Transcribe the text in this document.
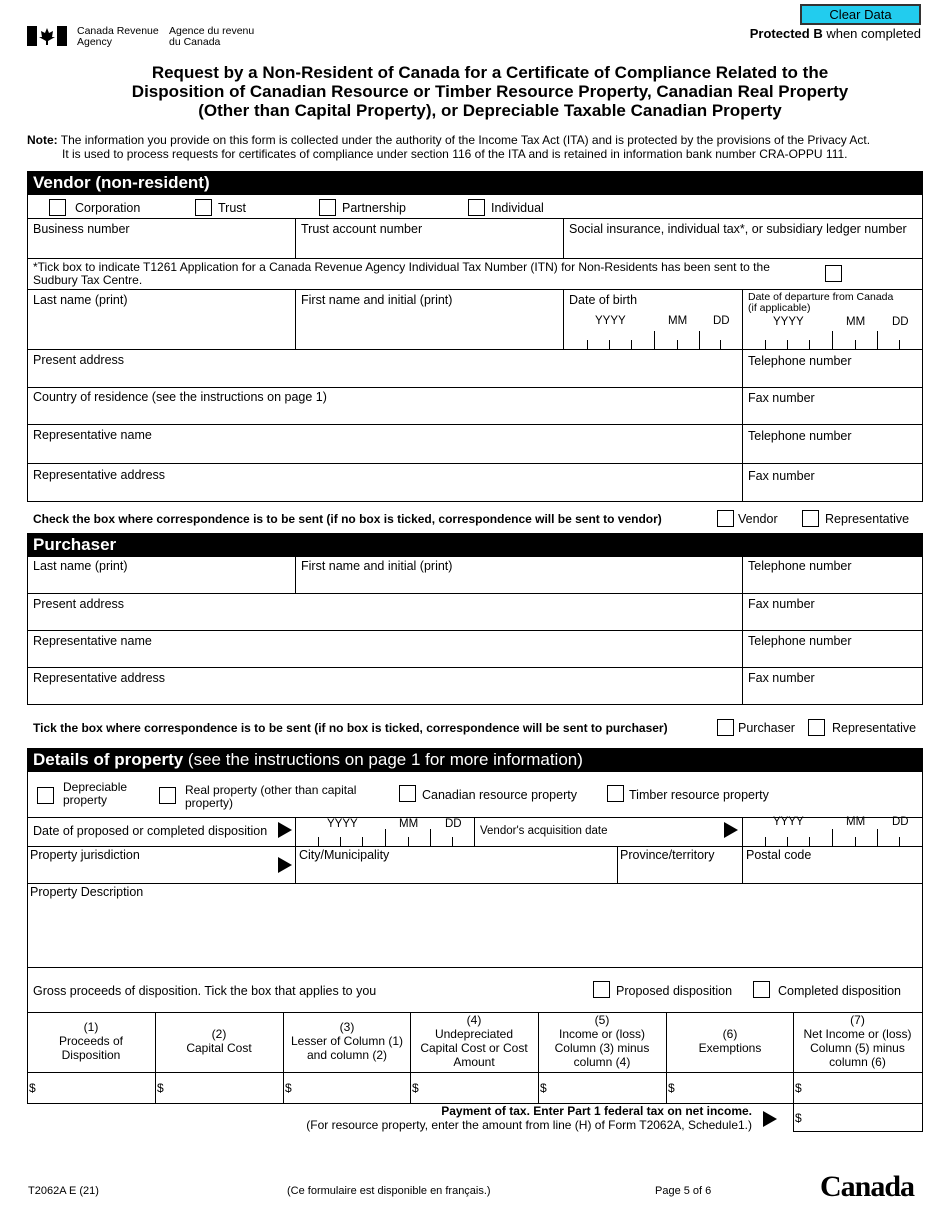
Canada Revenue
Agency
Agence du revenu
du Canada
Clear Data
Protected B when completed
Request by a Non-Resident of Canada for a Certificate of Compliance Related to the Disposition of Canadian Resource or Timber Resource Property, Canadian Real Property (Other than Capital Property), or Depreciable Taxable Canadian Property
Note: The information you provide on this form is collected under the authority of the Income Tax Act (ITA) and is protected by the provisions of the Privacy Act.
It is used to process requests for certificates of compliance under section 116 of the ITA and is retained in information bank number CRA-OPPU 111.
Vendor (non-resident)
Corporation	Trust	Partnership	Individual
Business number	Trust account number	Social insurance, individual tax*, or subsidiary ledger number
*Tick box to indicate T1261 Application for a Canada Revenue Agency Individual Tax Number (ITN) for Non-Residents has been sent to the Sudbury Tax Centre.
Last name (print)	First name and initial (print)	Date of birth
YYYY	MM DD
Date of departure from Canada
(if applicable)
YYYY	MM DD
Present address	Telephone number
Country of residence (see the instructions on page 1)	Fax number
Representative name	Telephone number
Representative address	Fax number
Check the box where correspondence is to be sent (if no box is ticked, correspondence will be sent to vendor)	Vendor	Representative
Purchaser
Last name (print)	First name and initial (print)	Telephone number
Present address	Fax number
Representative name	Telephone number
Representative address	Fax number
Tick the box where correspondence is to be sent (if no box is ticked, correspondence will be sent to purchaser)	Purchaser	Representative
Details of property (see the instructions on page 1 for more information)
Depreciable
property
Real property (other than capital
property)
Canadian resource property	Timber resource property
Date of proposed or completed disposition	YYYY	MM DD
Vendor's acquisition date
YYYY	MM DD
Property jurisdiction	City/Municipality	Province/territory	Postal code
Property Description
Gross proceeds of disposition. Tick the box that applies to you	Proposed disposition	Completed disposition
(1)
Proceeds of
Disposition
(2)
Capital Cost
(3)
Lesser of Column (1)
and column (2)
(4)
Undepreciated
Capital Cost or Cost
Amount
(5)
Income or (loss)
Column (3) minus
column (4)
(6)
Exemptions
(7)
Net Income or (loss)
Column (5) minus
column (6)
$	$	$	$	$	$	$
Payment of tax. Enter Part 1 federal tax on net income.
(For resource property, enter the amount from line (H) of Form T2062A, Schedule1.)	$
T2062A E (21)	(Ce formulaire est disponible en français.)	Page 5 of 6	Canada
